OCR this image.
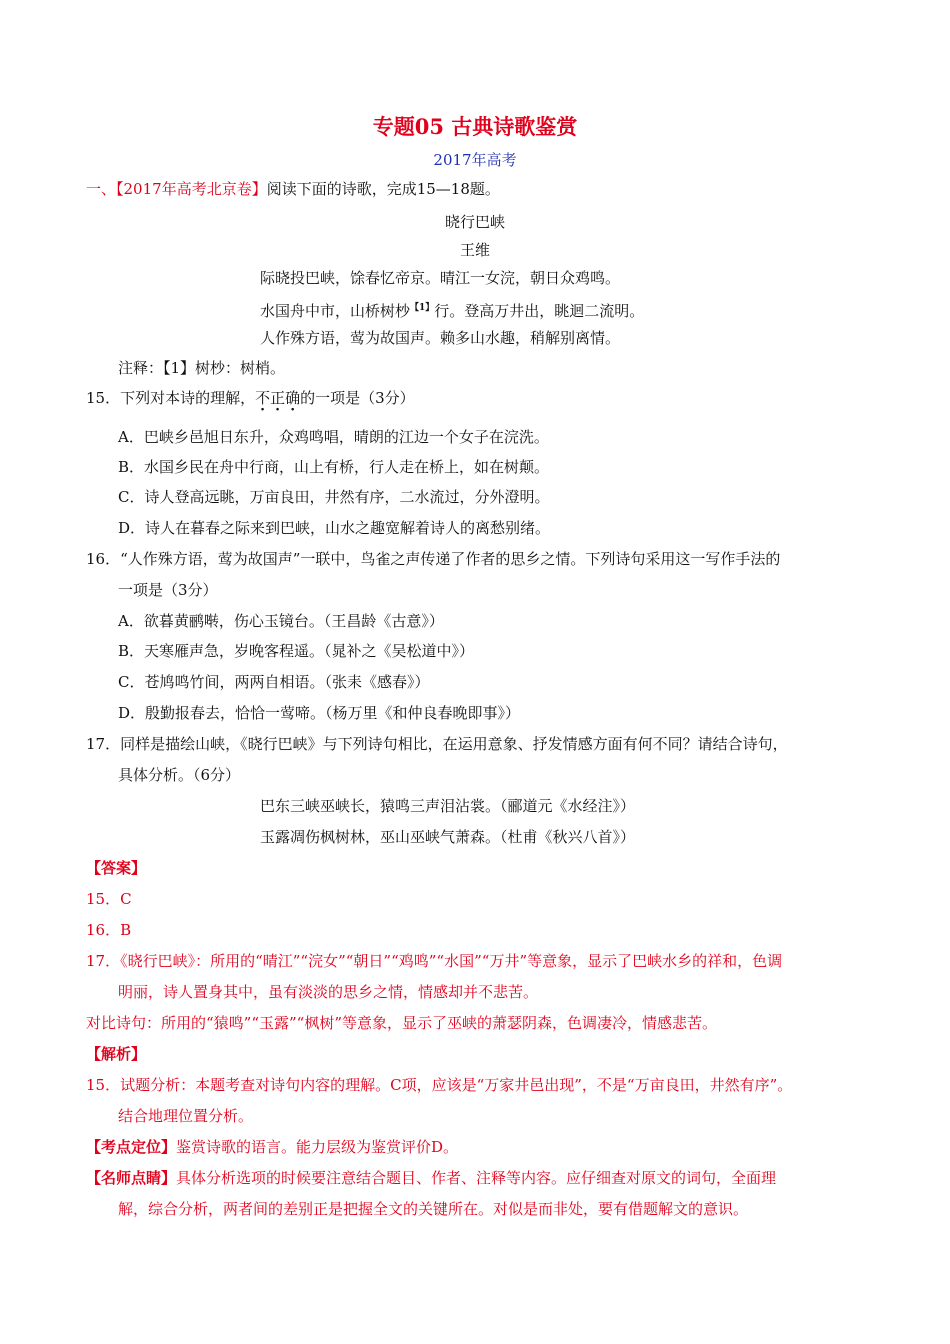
专题05 古典诗歌鉴赏
2017年高考
一、【2017年高考北京卷】阅读下面的诗歌，完成15—18题。
晓行巴峡
王维
际晓投巴峡，馀春忆帝京。晴江一女浣，朝日众鸡鸣。
水国舟中市，山桥树杪$^{【1】}$行。登高万井出，眺迴二流明。
人作殊方语，莺为故国声。赖多山水趣，稍解别离情。
注释：【1】树杪：树梢。
15．下列对本诗的理解，不正确的一项是（3分）
A．巴峡乡邑旭日东升，众鸡鸣唱，晴朗的江边一个女子在浣洗。
B．水国乡民在舟中行商，山上有桥，行人走在桥上，如在树颠。
C．诗人登高远眺，万亩良田，井然有序，二水流过，分外澄明。
D．诗人在暮春之际来到巴峡，山水之趣宽解着诗人的离愁别绪。
16．“人作殊方语，莺为故国声”一联中，鸟雀之声传递了作者的思乡之情。下列诗句采用这一写作手法的
一项是（3分）
A．欲暮黄鹂啭，伤心玉镜台。（王昌龄《古意》）
B．天寒雁声急，岁晚客程遥。（晁补之《吴松道中》）
C．苍鸠鸣竹间，两两自相语。（张耒《感春》）
D．殷勤报春去，恰恰一莺啼。（杨万里《和仲良春晚即事》）
17．同样是描绘山峡，《晓行巴峡》与下列诗句相比，在运用意象、抒发情感方面有何不同？请结合诗句，
具体分析。（6分）
巴东三峡巫峡长，猿鸣三声泪沾裳。（郦道元《水经注》）
玉露凋伤枫树林，巫山巫峡气萧森。（杜甫《秋兴八首》）
【答案】
15．C
16．B
17．《晓行巴峡》：所用的“晴江”“浣女”“朝日”“鸡鸣”“水国”“万井”等意象，显示了巴峡水乡的祥和，色调
明丽，诗人置身其中，虽有淡淡的思乡之情，情感却并不悲苦。
对比诗句：所用的“猿鸣”“玉露”“枫树”等意象，显示了巫峡的萧瑟阴森，色调凄冷，情感悲苦。
【解析】
15．试题分析：本题考查对诗句内容的理解。C项，应该是“万家井邑出现”，不是“万亩良田，井然有序”。
结合地理位置分析。
【考点定位】鉴赏诗歌的语言。能力层级为鉴赏评价D。
【名师点睛】具体分析选项的时候要注意结合题目、作者、注释等内容。应仔细查对原文的词句，全面理
解，综合分析，两者间的差别正是把握全文的关键所在。对似是而非处，要有借题解文的意识。
